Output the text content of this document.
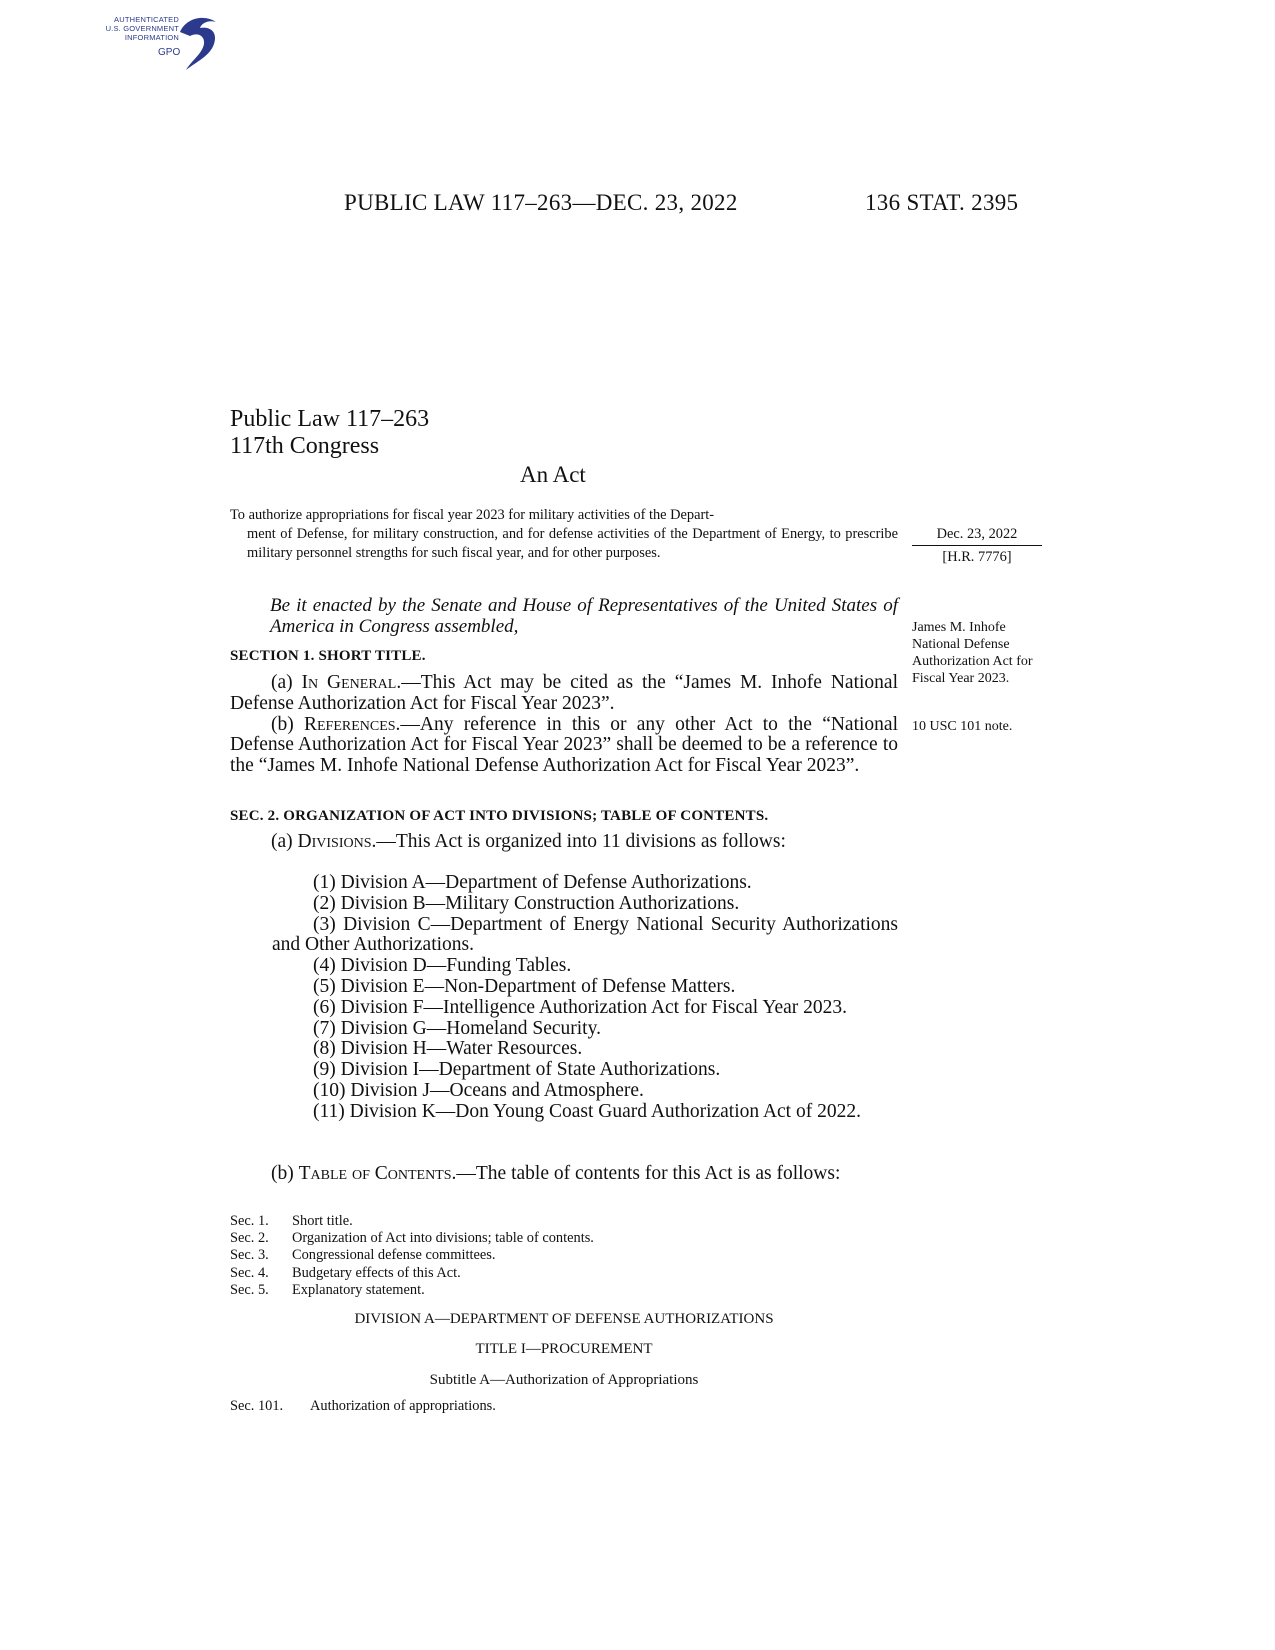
AUTHENTICATED
U.S. GOVERNMENT
INFORMATION
GPO
PUBLIC LAW 117–263—DEC. 23, 2022	136 STAT. 2395
Public Law 117–263
117th Congress
An Act
To authorize appropriations for fiscal year 2023 for military activities of the Depart-
ment of Defense, for military construction, and for defense activities of the Department of Energy, to prescribe military personnel strengths for such fiscal year, and for other purposes.
Dec. 23, 2022
[H.R. 7776]
James M. Inhofe National Defense Authorization Act for Fiscal Year 2023.
10 USC 101 note.
Be it enacted by the Senate and House of Representatives of the United States of America in Congress assembled,
SECTION 1. SHORT TITLE.

(a) In General.—This Act may be cited as the “James M. Inhofe National Defense Authorization Act for Fiscal Year 2023”.

(b) References.—Any reference in this or any other Act to the “National Defense Authorization Act for Fiscal Year 2023” shall be deemed to be a reference to the “James M. Inhofe National Defense Authorization Act for Fiscal Year 2023”.

SEC. 2. ORGANIZATION OF ACT INTO DIVISIONS; TABLE OF CONTENTS.

(a) Divisions.—This Act is organized into 11 divisions as follows:

(1) Division A—Department of Defense Authorizations.

(2) Division B—Military Construction Authorizations.

(3) Division C—Department of Energy National Security Authorizations and Other Authorizations.

(4) Division D—Funding Tables.

(5) Division E—Non-Department of Defense Matters.

(6) Division F—Intelligence Authorization Act for Fiscal Year 2023.

(7) Division G—Homeland Security.

(8) Division H—Water Resources.

(9) Division I—Department of State Authorizations.

(10) Division J—Oceans and Atmosphere.

(11) Division K—Don Young Coast Guard Authorization Act of 2022.

(b) Table of Contents.—The table of contents for this Act is as follows:

Sec. 1. Short title.
Sec. 2. Organization of Act into divisions; table of contents.
Sec. 3. Congressional defense committees.
Sec. 4. Budgetary effects of this Act.
Sec. 5. Explanatory statement.
DIVISION A—DEPARTMENT OF DEFENSE AUTHORIZATIONS
TITLE I—PROCUREMENT
Subtitle A—Authorization of Appropriations
Sec. 101. Authorization of appropriations.
